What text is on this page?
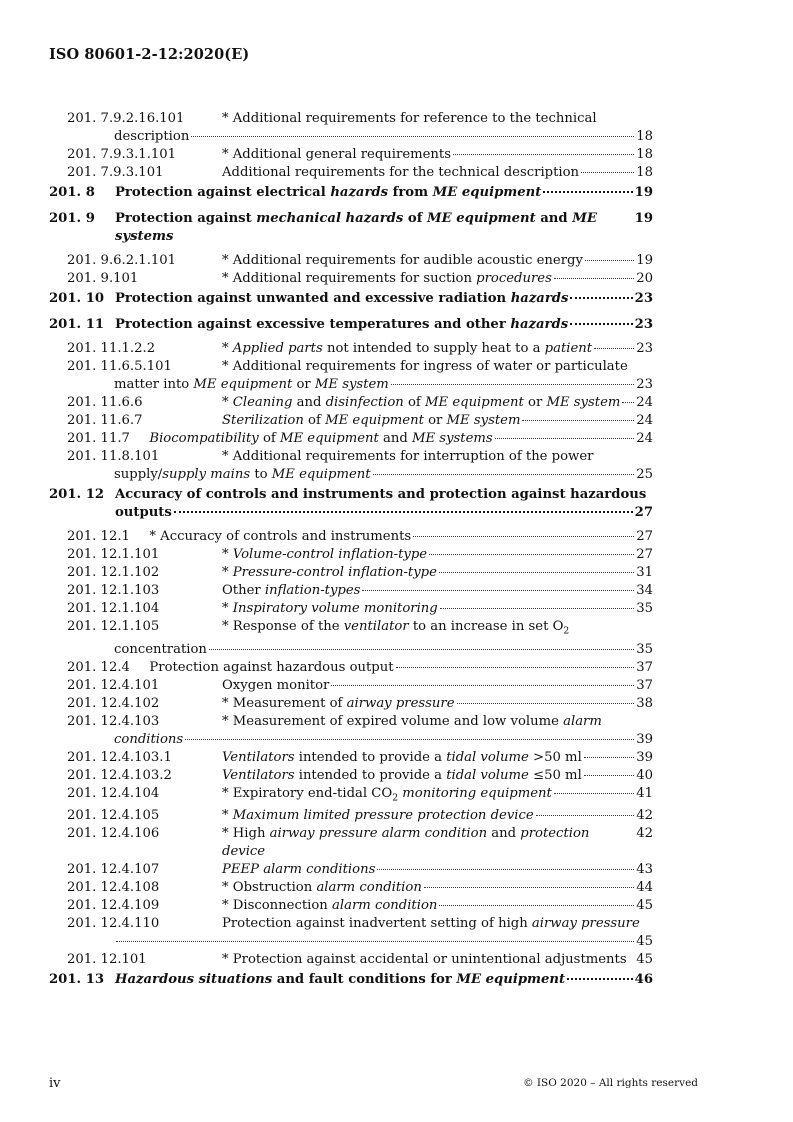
ISO 80601-2-12:2020(E)
201. 7.9.2.16.101	* Additional requirements for reference to the technical
description	18
201. 7.9.3.1.101	* Additional general requirements	18
201. 7.9.3.101	Additional requirements for the technical description	18
201. 8 Protection against electrical hazards from ME equipment	19
201. 9 Protection against mechanical hazards of ME equipment and ME systems
19
201. 9.6.2.1.101	* Additional requirements for audible acoustic energy	19
201. 9.101	* Additional requirements for suction procedures	20
201. 10 Protection against unwanted and excessive radiation hazards	23
201. 11 Protection against excessive temperatures and other hazards	23
201. 11.1.2.2	* Applied parts not intended to supply heat to a patient	23
201. 11.6.5.101	* Additional requirements for ingress of water or particulate
matter into ME equipment or ME system	23
201. 11.6.6	* Cleaning and disinfection of ME equipment or ME system 24
201. 11.6.7	Sterilization of ME equipment or ME system	24
201. 11.7 Biocompatibility of ME equipment and ME systems	24
201. 11.8.101	* Additional requirements for interruption of the power
supply/supply mains to ME equipment	25
201. 12 Accuracy of controls and instruments and protection against hazardous
outputs	27
201. 12.1 * Accuracy of controls and instruments	27
201. 12.1.101	* Volume-control inflation-type	27
201. 12.1.102	* Pressure-control inflation-type	31
201. 12.1.103	Other inflation-types	34
201. 12.1.104	* Inspiratory volume monitoring	35
201. 12.1.105	* Response of the ventilator to an increase in set $O_2$
concentration	35
201. 12.4 Protection against hazardous output	37
201. 12.4.101	Oxygen monitor	37
201. 12.4.102	* Measurement of airway pressure	38
201. 12.4.103	* Measurement of expired volume and low volume alarm
conditions	39
201. 12.4.103.1	Ventilators intended to provide a tidal volume >50 ml	39
201. 12.4.103.2	Ventilators intended to provide a tidal volume ≤50 ml	40
201. 12.4.104	* Expiratory end-tidal $CO_2$ monitoring equipment	41
201. 12.4.105	* Maximum limited pressure protection device	42
201. 12.4.106	* High airway pressure alarm condition and protection device
42
201. 12.4.107	PEEP alarm conditions	43
201. 12.4.108	* Obstruction alarm condition	44
201. 12.4.109	* Disconnection alarm condition	45
201. 12.4.110	Protection against inadvertent setting of high airway pressure
45
201. 12.101	* Protection against accidental or unintentional adjustments 45
201. 13 Hazardous situations and fault conditions for ME equipment	46
iv	© ISO 2020 – All rights reserved
